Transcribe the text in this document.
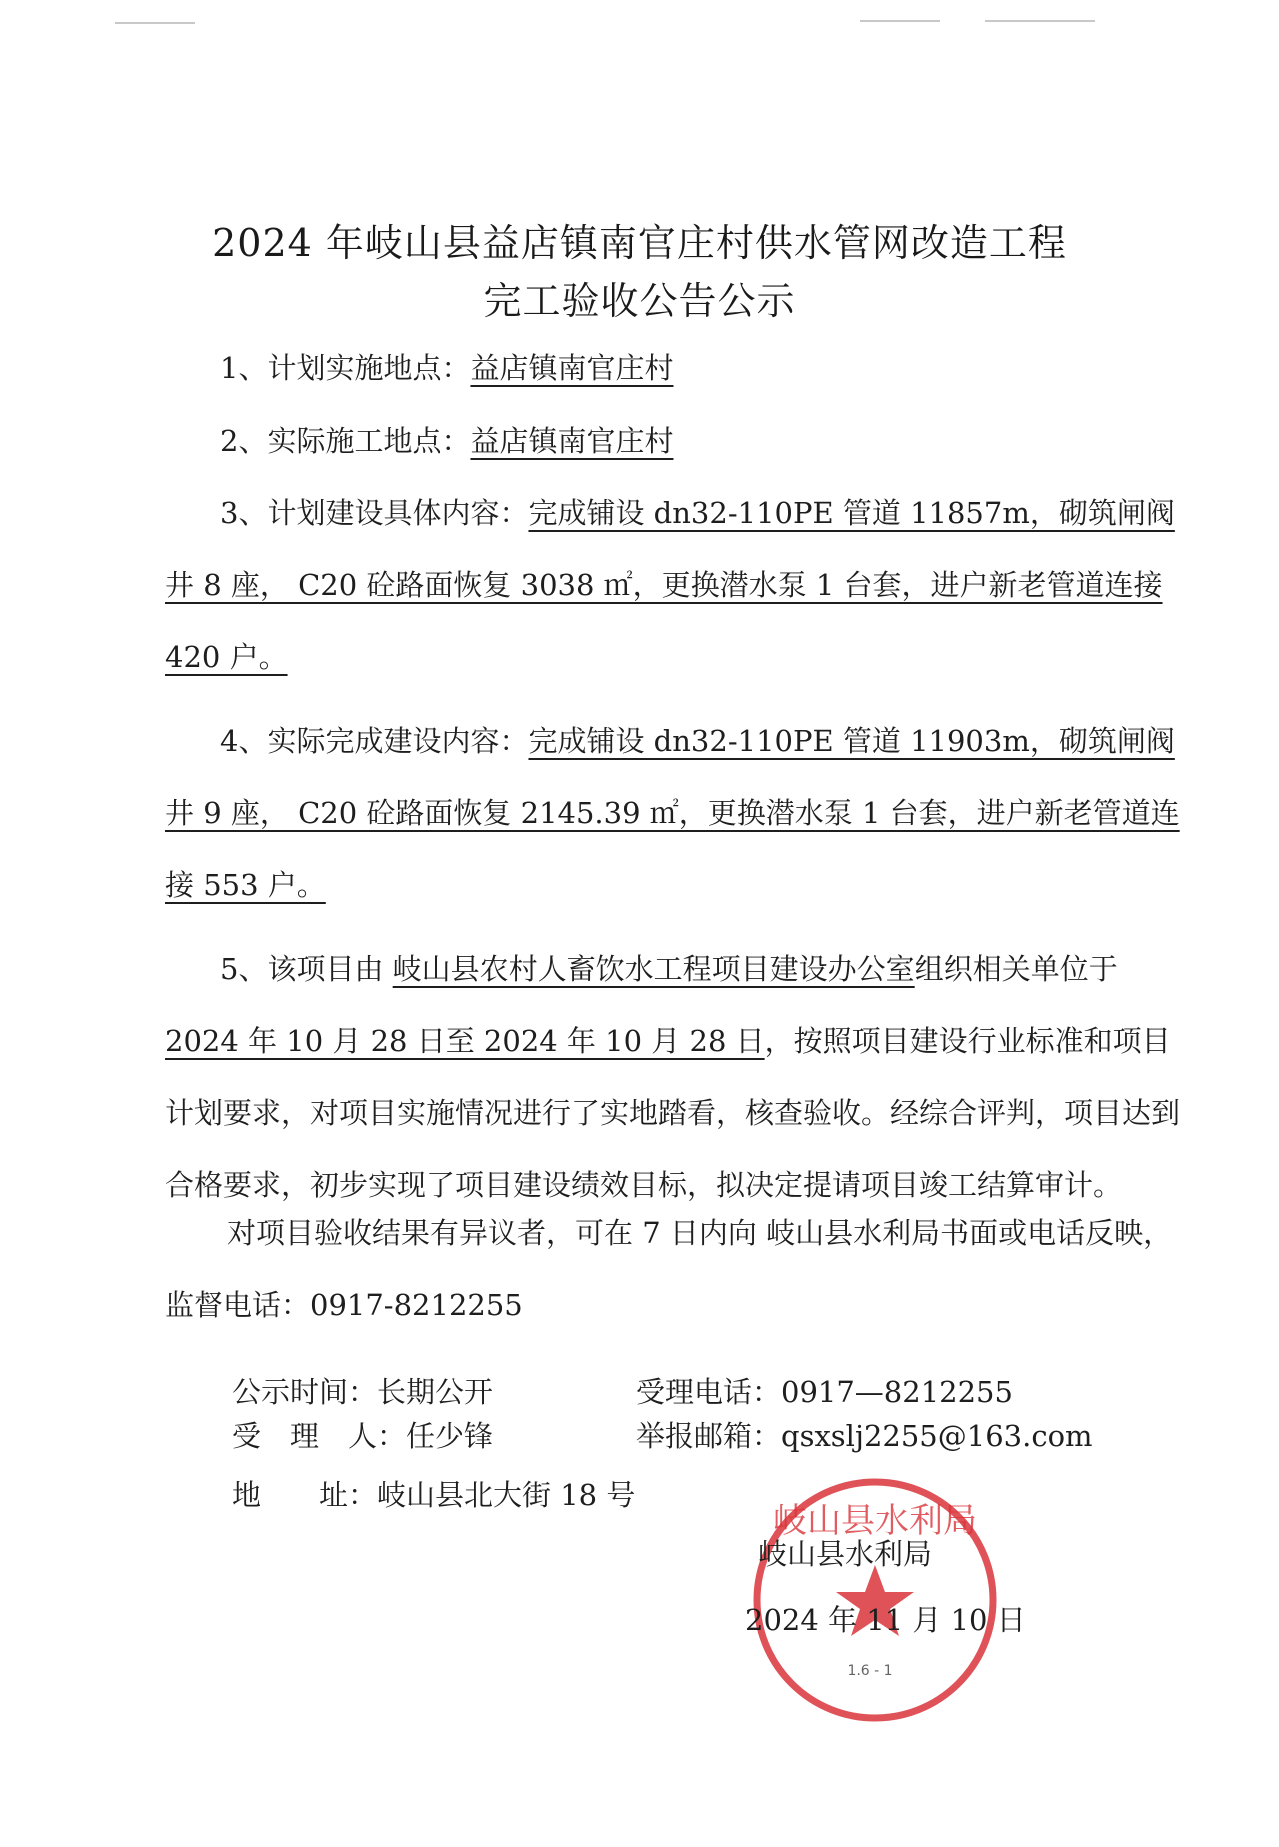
2024 年岐山县益店镇南官庄村供水管网改造工程
完工验收公告公示
1、计划实施地点：益店镇南官庄村
2、实际施工地点：益店镇南官庄村
3、计划建设具体内容：完成铺设 dn32-110PE 管道 11857m，砌筑闸阀井 8 座， C20 砼路面恢复 3038 ㎡，更换潜水泵 1 台套，进户新老管道连接 420 户。
4、实际完成建设内容：完成铺设 dn32-110PE 管道 11903m，砌筑闸阀井 9 座， C20 砼路面恢复 2145.39 ㎡，更换潜水泵 1 台套，进户新老管道连接 553 户。
5、该项目由 岐山县农村人畜饮水工程项目建设办公室组织相关单位于2024 年 10 月 28 日至 2024 年 10 月 28 日，按照项目建设行业标准和项目计划要求，对项目实施情况进行了实地踏看，核查验收。经综合评判，项目达到合格要求，初步实现了项目建设绩效目标，拟决定提请项目竣工结算审计。
对项目验收结果有异议者，可在 7 日内向 岐山县水利局书面或电话反映，监督电话：0917-8212255
公示时间：长期公开	受理电话：0917—8212255
受　理　人：任少锋	举报邮箱：qsxslj2255@163.com
地　　址：岐山县北大街 18 号
岐山县水利局
1.6 - 1
岐山县水利局
2024 年 11 月 10 日
